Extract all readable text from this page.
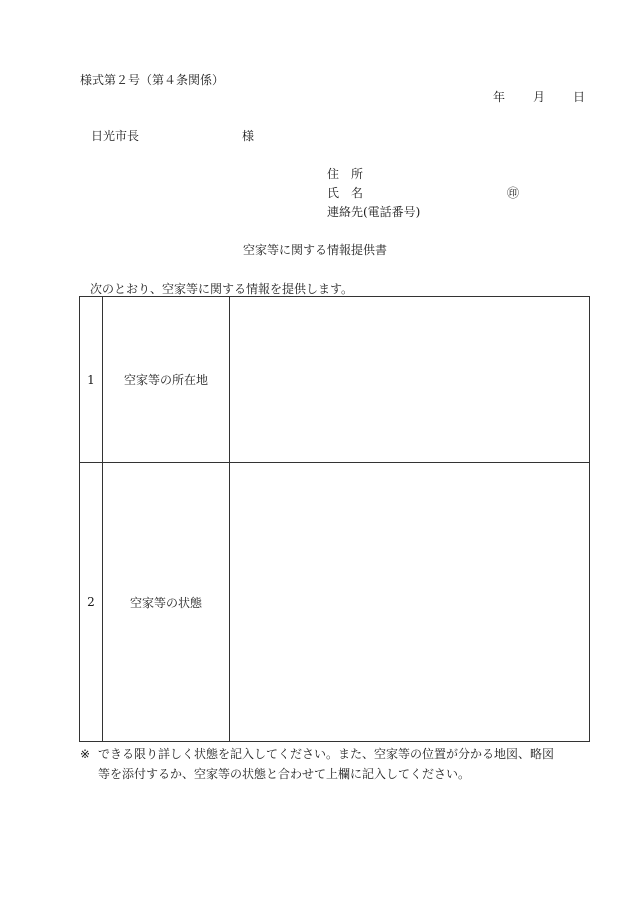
様式第２号（第４条関係）
年 月 日
日光市長	様
住　所
氏　名	㊞
連絡先(電話番号)
空家等に関する情報提供書
次のとおり、空家等に関する情報を提供します。
1	空家等の所在地	
2	空家等の状態	
※ できる限り詳しく状態を記入してください。また、空家等の位置が分かる地図、略図
等を添付するか、空家等の状態と合わせて上欄に記入してください。
